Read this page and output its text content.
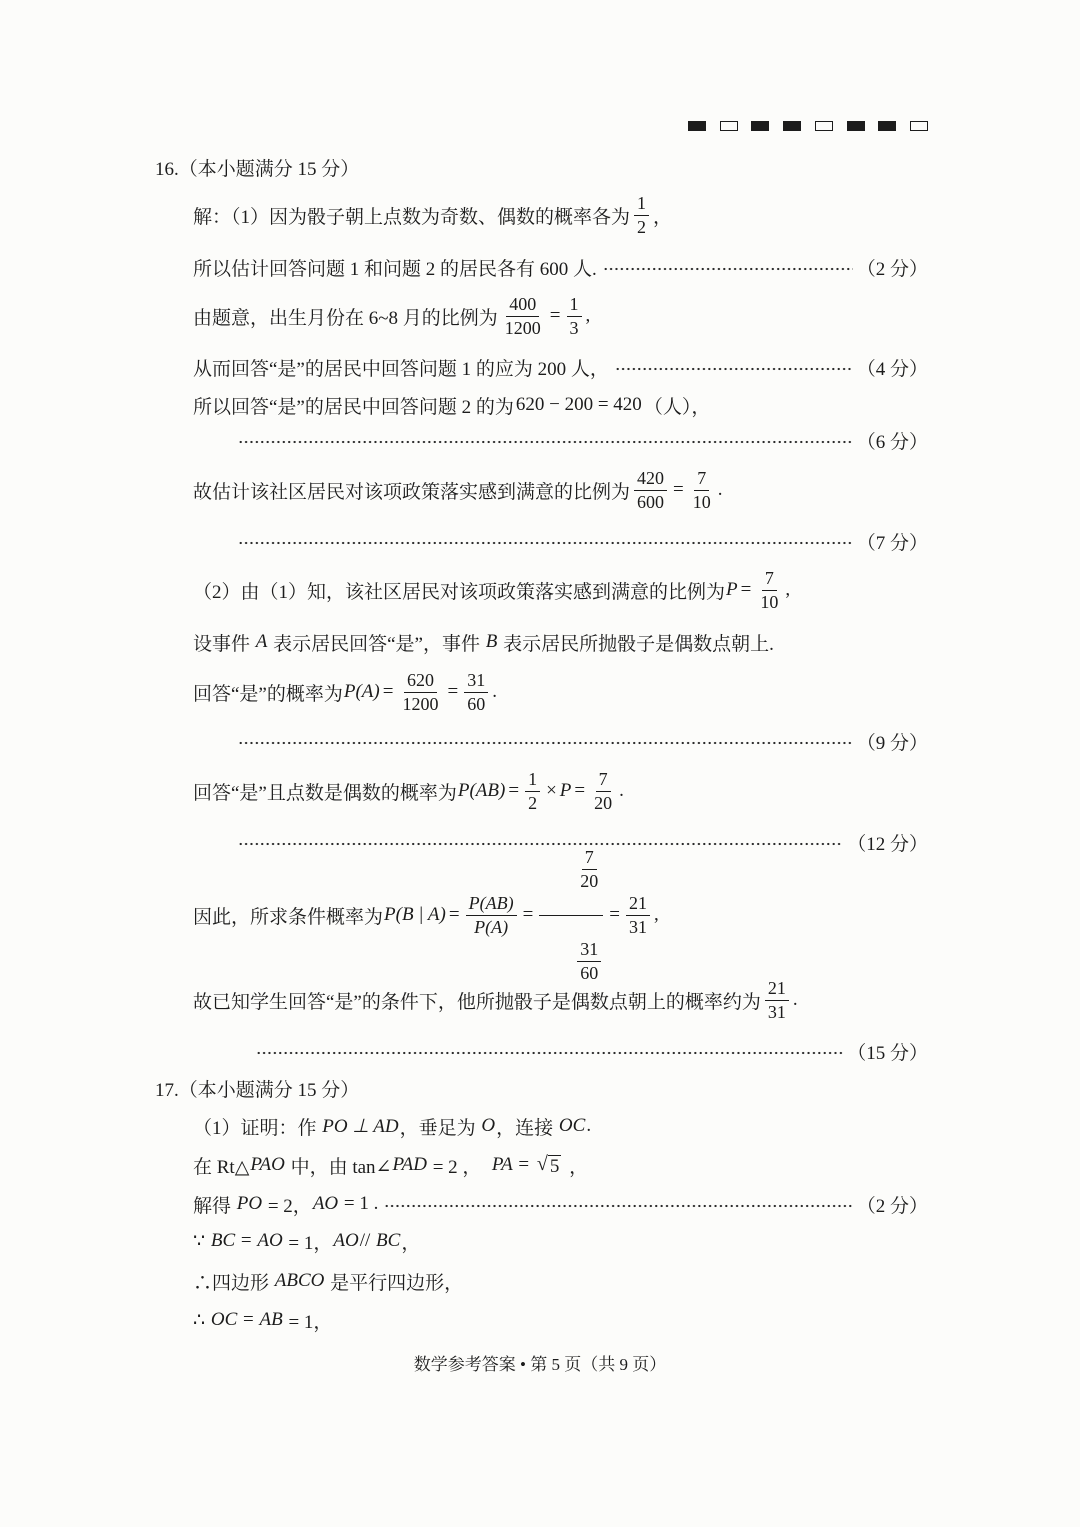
16.（本小题满分 15 分）
解：（1）因为骰子朝上点数为奇数、偶数的概率各为 $\frac{1}{2}$ ，
所以估计回答问题 1 和问题 2 的居民各有 600 人.	（2 分）
由题意，出生月份在 6~8 月的比例为 $\frac{400}{1200} = \frac{1}{3}$ ,
从而回答“是”的居民中回答问题 1 的应为 200 人，	（4 分）
所以回答“是”的居民中回答问题 2 的为 620 − 200 = 420 （人），
（6 分）
故估计该社区居民对该项政策落实感到满意的比例为 $\frac{420}{600} = \frac{7}{10}$ .
（7 分）
（2）由（1）知，该社区居民对该项政策落实感到满意的比例为 $P = \frac{7}{10}$ ,
设事件 A 表示居民回答“是”，事件 B 表示居民所抛骰子是偶数点朝上.
回答“是”的概率为 $P(A) = \frac{620}{1200} = \frac{31}{60}$ .
（9 分）
回答“是”且点数是偶数的概率为 $P(AB) = \frac{1}{2} \times P = \frac{7}{20}$ .
（12 分）
因此，所求条件概率为 P(B | $A) = \frac{P(AB)}{P(A)}$ =

$\frac{\frac{7}{20}}{\frac{31}{60}}$

= $\frac{21}{31}$ ,
故已知学生回答“是”的条件下，他所抛骰子是偶数点朝上的概率约为 $\frac{21}{31}$ .
（15 分）
17.（本小题满分 15 分）
（1）证明：作 PO ⊥ AD ，垂足为 O ，连接 OC .
在 Rt△ PAO 中，由 tan∠ PAD = 2 ， PA = √ 5 ，
解得 PO = 2， AO = 1 .	（2 分）
∵ BC = AO = 1， AO // BC ，
∴四边形 ABCO 是平行四边形，
∴ OC = AB = 1，
数学参考答案 • 第 5 页（共 9 页）
